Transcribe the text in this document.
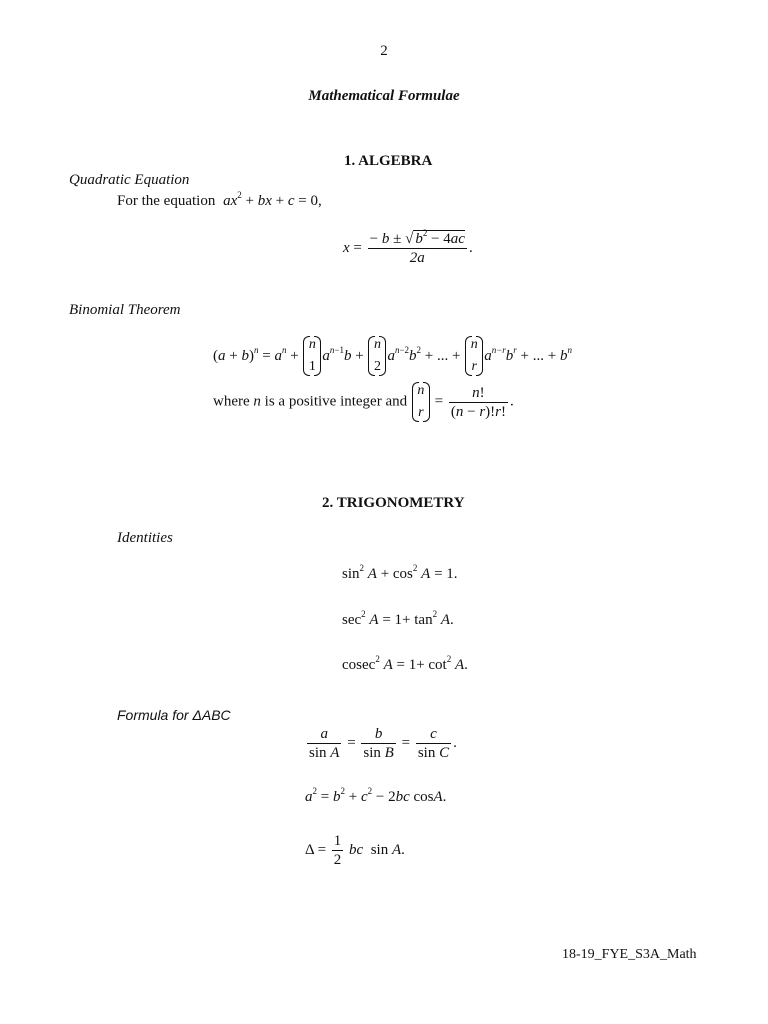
2
Mathematical Formulae
1. ALGEBRA
Quadratic Equation
For the equation $ax^2$ + bx + c = 0,
$x = \frac{- b \pm √ b^2 - 4ac}{2a}$ .
Binomial Theorem
$(a + b)^n = a^n$ +
n
1
$a^{n-1}b$ +
n
2
$a^{n-2}b^2$ + ... +
n
r
$a^{n-r}b^r$ + ... + $b^n$
where n is a positive integer and
n
r
= $\frac{n!}{(n - r)!r!}$ .
2. TRIGONOMETRY
Identities
$\sin^2 A + \cos^2 A = 1$.
$\sec^2 A = 1+ \tan^2 A$.
cosec$^2$ $A = 1+ \cot^2 A$.
Formula for ΔABC
$\frac{a}{\text{sin A}} = \frac{b}{\text{sin B}} = \frac{c}{\text{sin C}}$ .
$a^2 = b^2 + c^2 - 2bc$ cosA.
$\Delta = \frac{1}{2}$ bc  sin A.
18-19_FYE_S3A_Math
